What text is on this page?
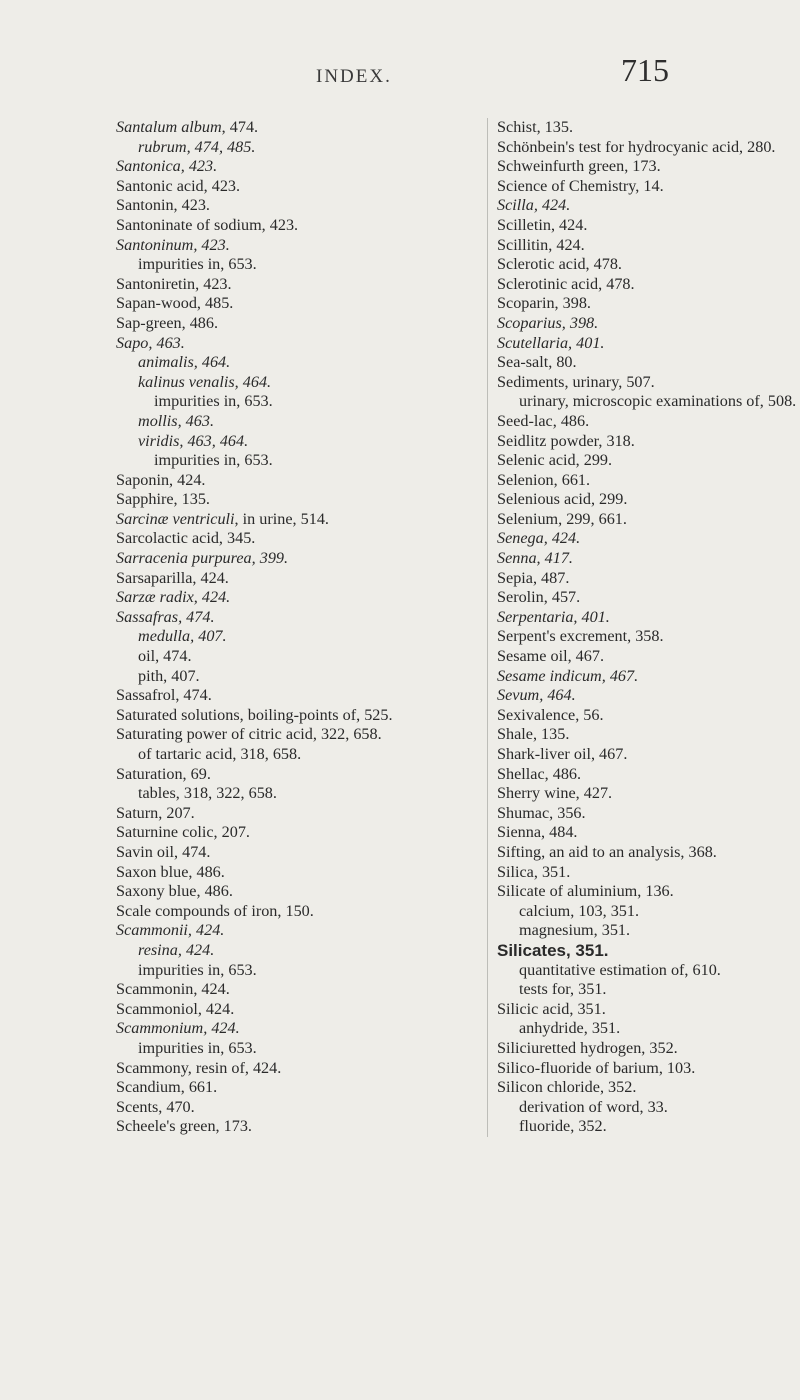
INDEX.	715
Santalum album, 474.
rubrum, 474, 485.
Santonica, 423.
Santonic acid, 423.
Santonin, 423.
Santoninate of sodium, 423.
Santoninum, 423.
impurities in, 653.
Santoniretin, 423.
Sapan-wood, 485.
Sap-green, 486.
Sapo, 463.
animalis, 464.
kalinus venalis, 464.
impurities in, 653.
mollis, 463.
viridis, 463, 464.
impurities in, 653.
Saponin, 424.
Sapphire, 135.
Sarcinæ ventriculi, in urine, 514.
Sarcolactic acid, 345.
Sarracenia purpurea, 399.
Sarsaparilla, 424.
Sarzæ radix, 424.
Sassafras, 474.
medulla, 407.
oil, 474.
pith, 407.
Sassafrol, 474.
Saturated solutions, boiling-points of, 525.
Saturating power of citric acid, 322, 658.
of tartaric acid, 318, 658.
Saturation, 69.
tables, 318, 322, 658.
Saturn, 207.
Saturnine colic, 207.
Savin oil, 474.
Saxon blue, 486.
Saxony blue, 486.
Scale compounds of iron, 150.
Scammonii, 424.
resina, 424.
impurities in, 653.
Scammonin, 424.
Scammoniol, 424.
Scammonium, 424.
impurities in, 653.
Scammony, resin of, 424.
Scandium, 661.
Scents, 470.
Scheele's green, 173.
Schist, 135.
Schönbein's test for hydrocyanic acid, 280.
Schweinfurth green, 173.
Science of Chemistry, 14.
Scilla, 424.
Scilletin, 424.
Scillitin, 424.
Sclerotic acid, 478.
Sclerotinic acid, 478.
Scoparin, 398.
Scoparius, 398.
Scutellaria, 401.
Sea-salt, 80.
Sediments, urinary, 507.
urinary, microscopic examinations of, 508.
Seed-lac, 486.
Seidlitz powder, 318.
Selenic acid, 299.
Selenion, 661.
Selenious acid, 299.
Selenium, 299, 661.
Senega, 424.
Senna, 417.
Sepia, 487.
Serolin, 457.
Serpentaria, 401.
Serpent's excrement, 358.
Sesame oil, 467.
Sesame indicum, 467.
Sevum, 464.
Sexivalence, 56.
Shale, 135.
Shark-liver oil, 467.
Shellac, 486.
Sherry wine, 427.
Shumac, 356.
Sienna, 484.
Sifting, an aid to an analysis, 368.
Silica, 351.
Silicate of aluminium, 136.
calcium, 103, 351.
magnesium, 351.
Silicates, 351.
quantitative estimation of, 610.
tests for, 351.
Silicic acid, 351.
anhydride, 351.
Siliciuretted hydrogen, 352.
Silico-fluoride of barium, 103.
Silicon chloride, 352.
derivation of word, 33.
fluoride, 352.
